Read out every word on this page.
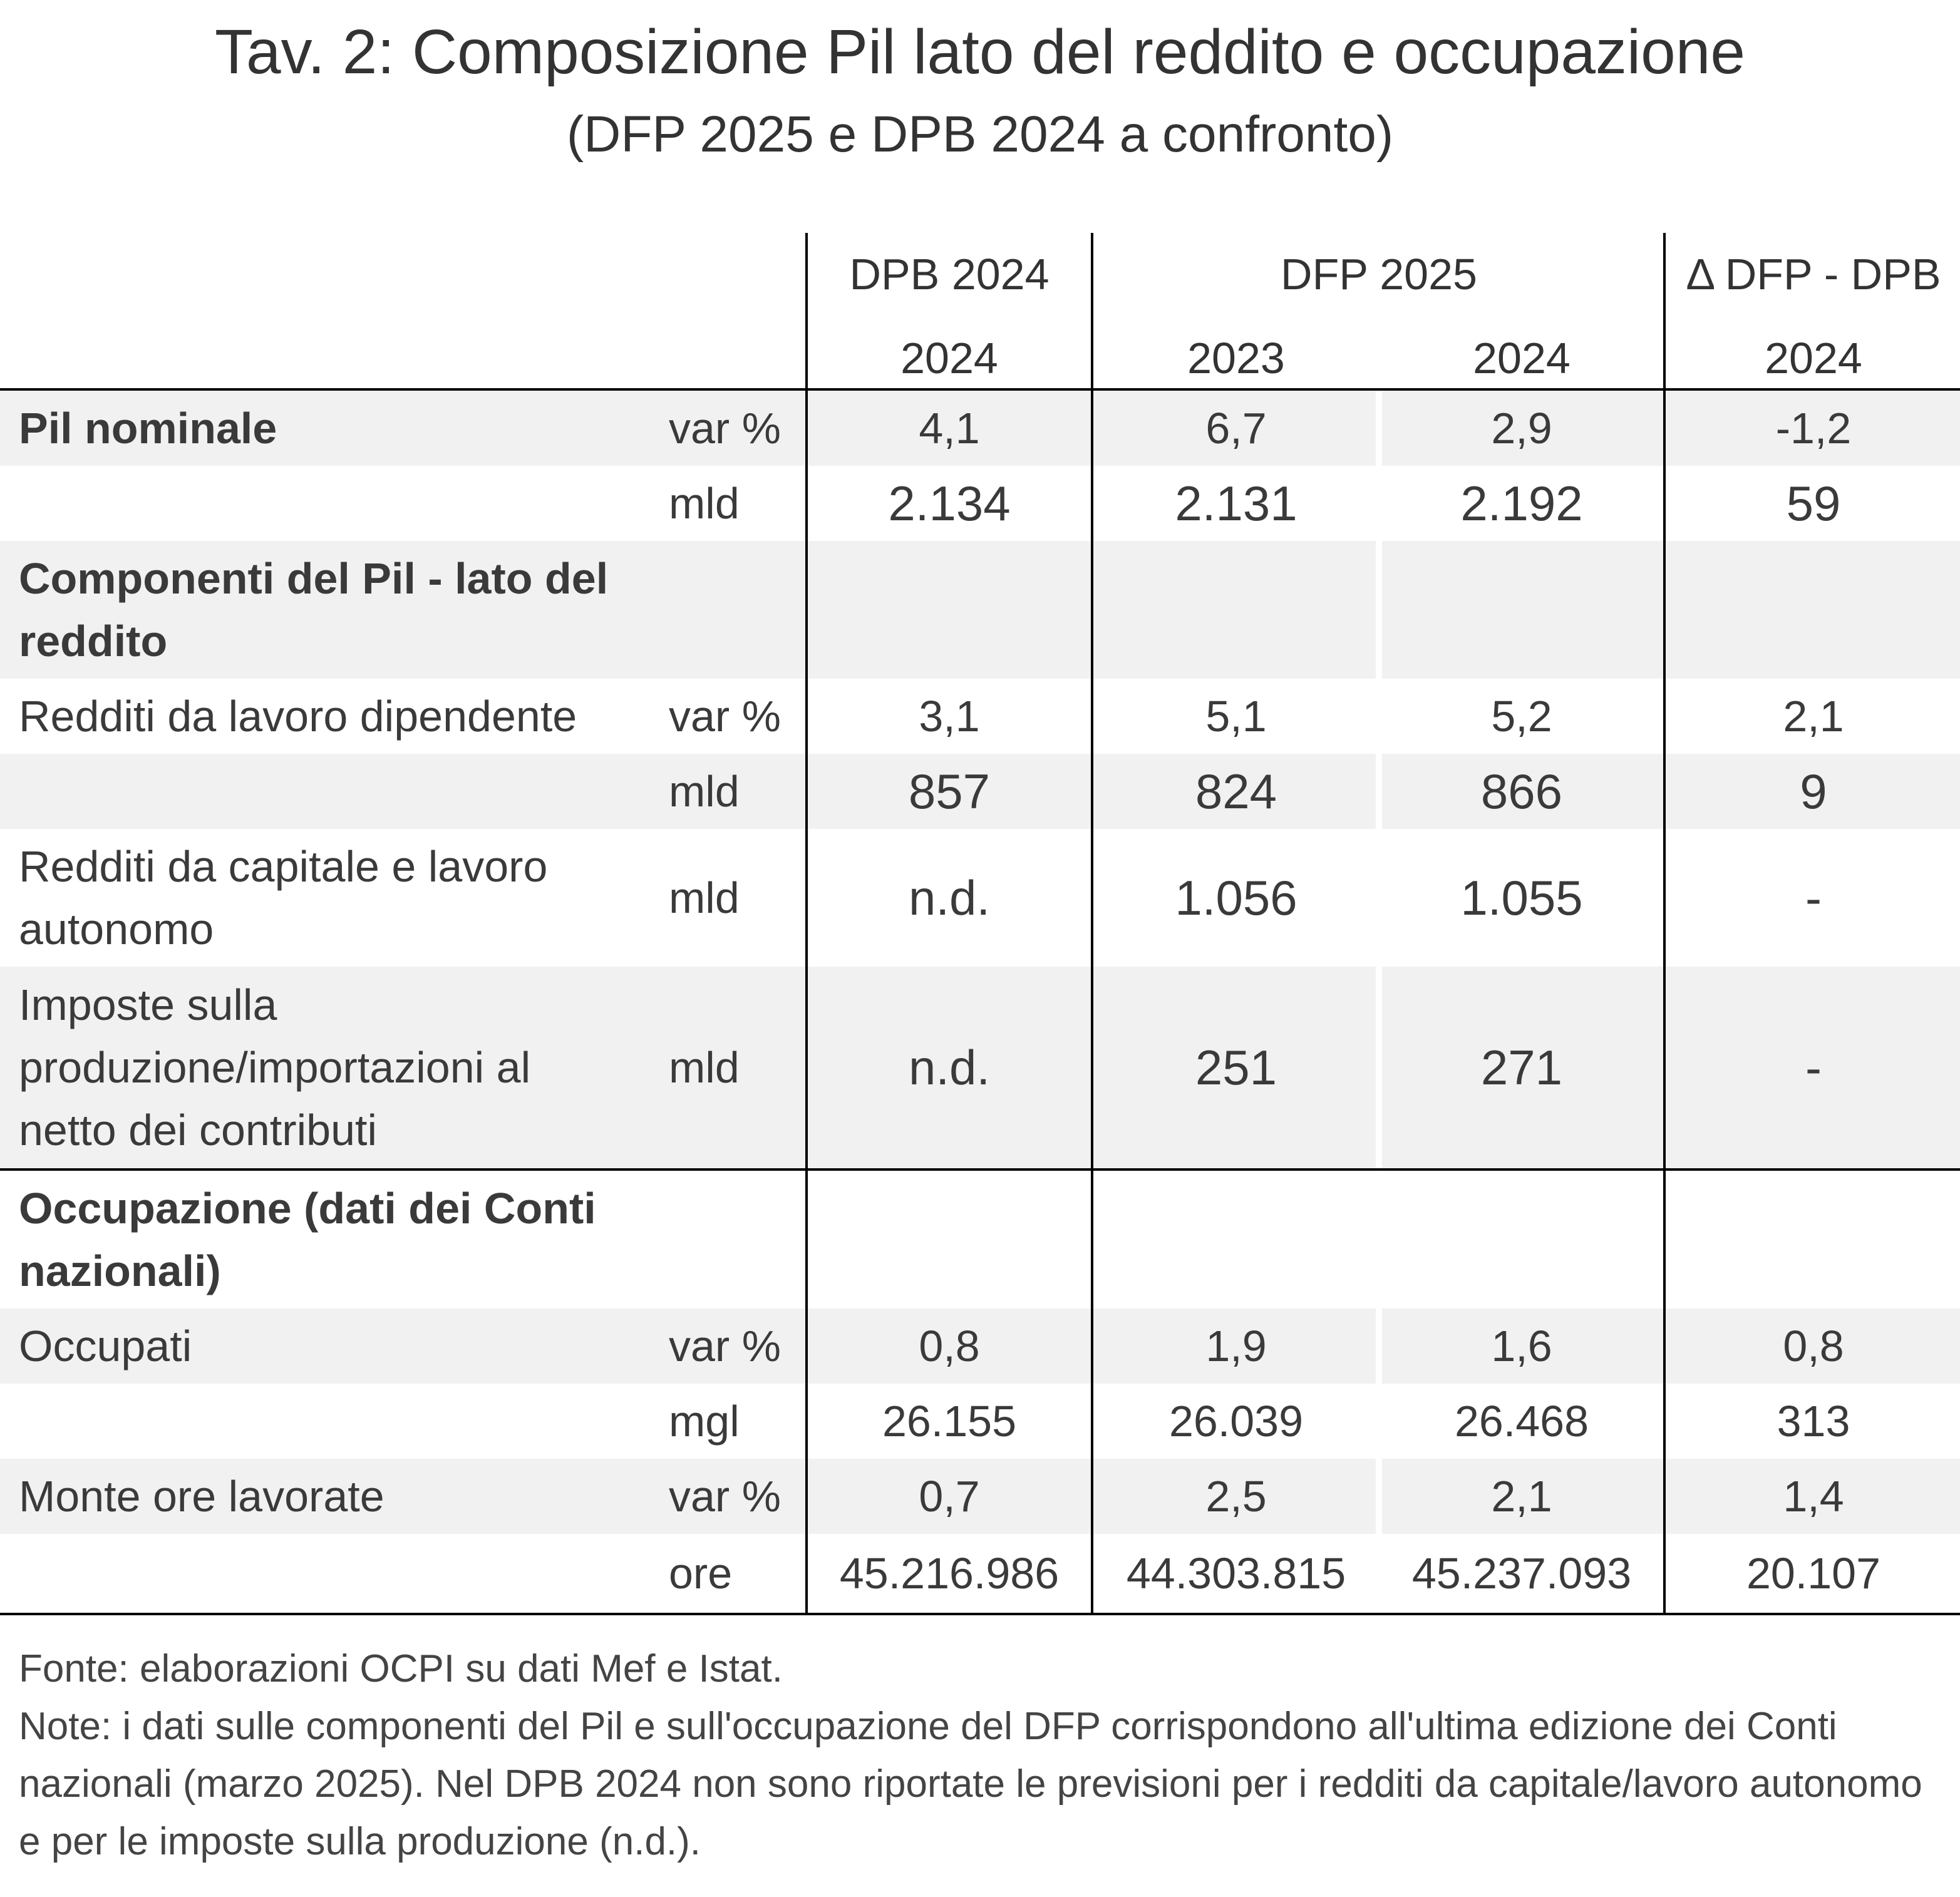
Tav. 2: Composizione Pil lato del reddito e occupazione
(DFP 2025 e DPB 2024 a confronto)
DPB 2024	DFP 2025	Δ DFP - DPB
2024	2023	2024	2024
Pil nominale	var %	4,1	6,7	2,9	-1,2
mld	2.134	2.131	2.192	59
Componenti del Pil - lato del reddito
Redditi da lavoro dipendente	var %	3,1	5,1	5,2	2,1
mld	857	824	866	9
Redditi da capitale e lavoro autonomo
mld	n.d.	1.056	1.055	-
Imposte sulla produzione/importazioni al netto dei contributi
mld	n.d.	251	271	-
Occupazione (dati dei Conti nazionali)
Occupati	var %	0,8	1,9	1,6	0,8
mgl	26.155	26.039	26.468	313
Monte ore lavorate	var %	0,7	2,5	2,1	1,4
ore	45.216.986	44.303.815	45.237.093	20.107
Fonte: elaborazioni OCPI su dati Mef e Istat.
Note: i dati sulle componenti del Pil e sull'occupazione del DFP corrispondono all'ultima edizione dei Conti nazionali (marzo 2025). Nel DPB 2024 non sono riportate le previsioni per i redditi da capitale/lavoro autonomo e per le imposte sulla produzione (n.d.).
